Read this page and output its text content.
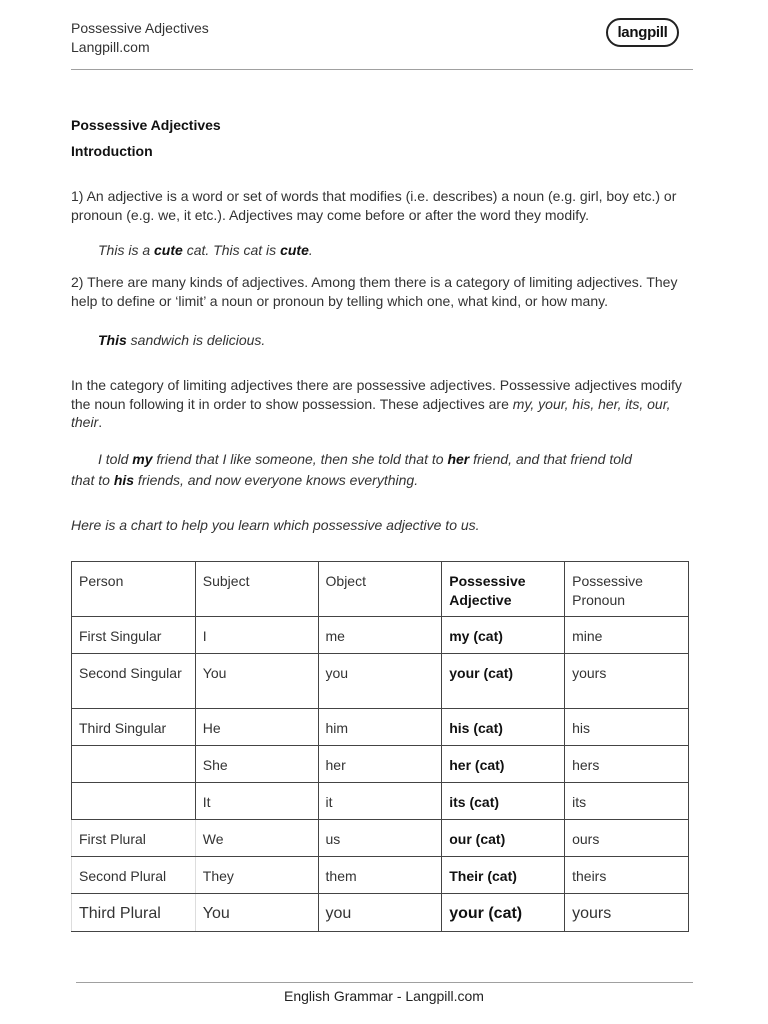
Possessive Adjectives
Langpill.com
langpill
Possessive Adjectives
Introduction
1) An adjective is a word or set of words that modifies (i.e. describes) a noun (e.g. girl, boy etc.) or pronoun (e.g. we, it etc.). Adjectives may come before or after the word they modify.
This is a cute cat. This cat is cute.
2) There are many kinds of adjectives. Among them there is a category of limiting adjectives. They help to define or ‘limit’ a noun or pronoun by telling which one, what kind, or how many.
This sandwich is delicious.
In the category of limiting adjectives there are possessive adjectives. Possessive adjectives modify the noun following it in order to show possession. These adjectives are my, your, his, her, its, our, their.
I told my friend that I like someone, then she told that to her friend, and that friend told
that to his friends, and now everyone knows everything.
Here is a chart to help you learn which possessive adjective to us.
Person	Subject	Object	Possessive Adjective	Possessive Pronoun
First Singular	I	me	my (cat)	mine
Second Singular	You	you	your (cat)	yours
Third Singular	He	him	his (cat)	his
	She	her	her (cat)	hers
	It	it	its (cat)	its
First Plural	We	us	our (cat)	ours
Second Plural	They	them	Their (cat)	theirs
Third Plural	You	you	your (cat)	yours
English Grammar - Langpill.com
